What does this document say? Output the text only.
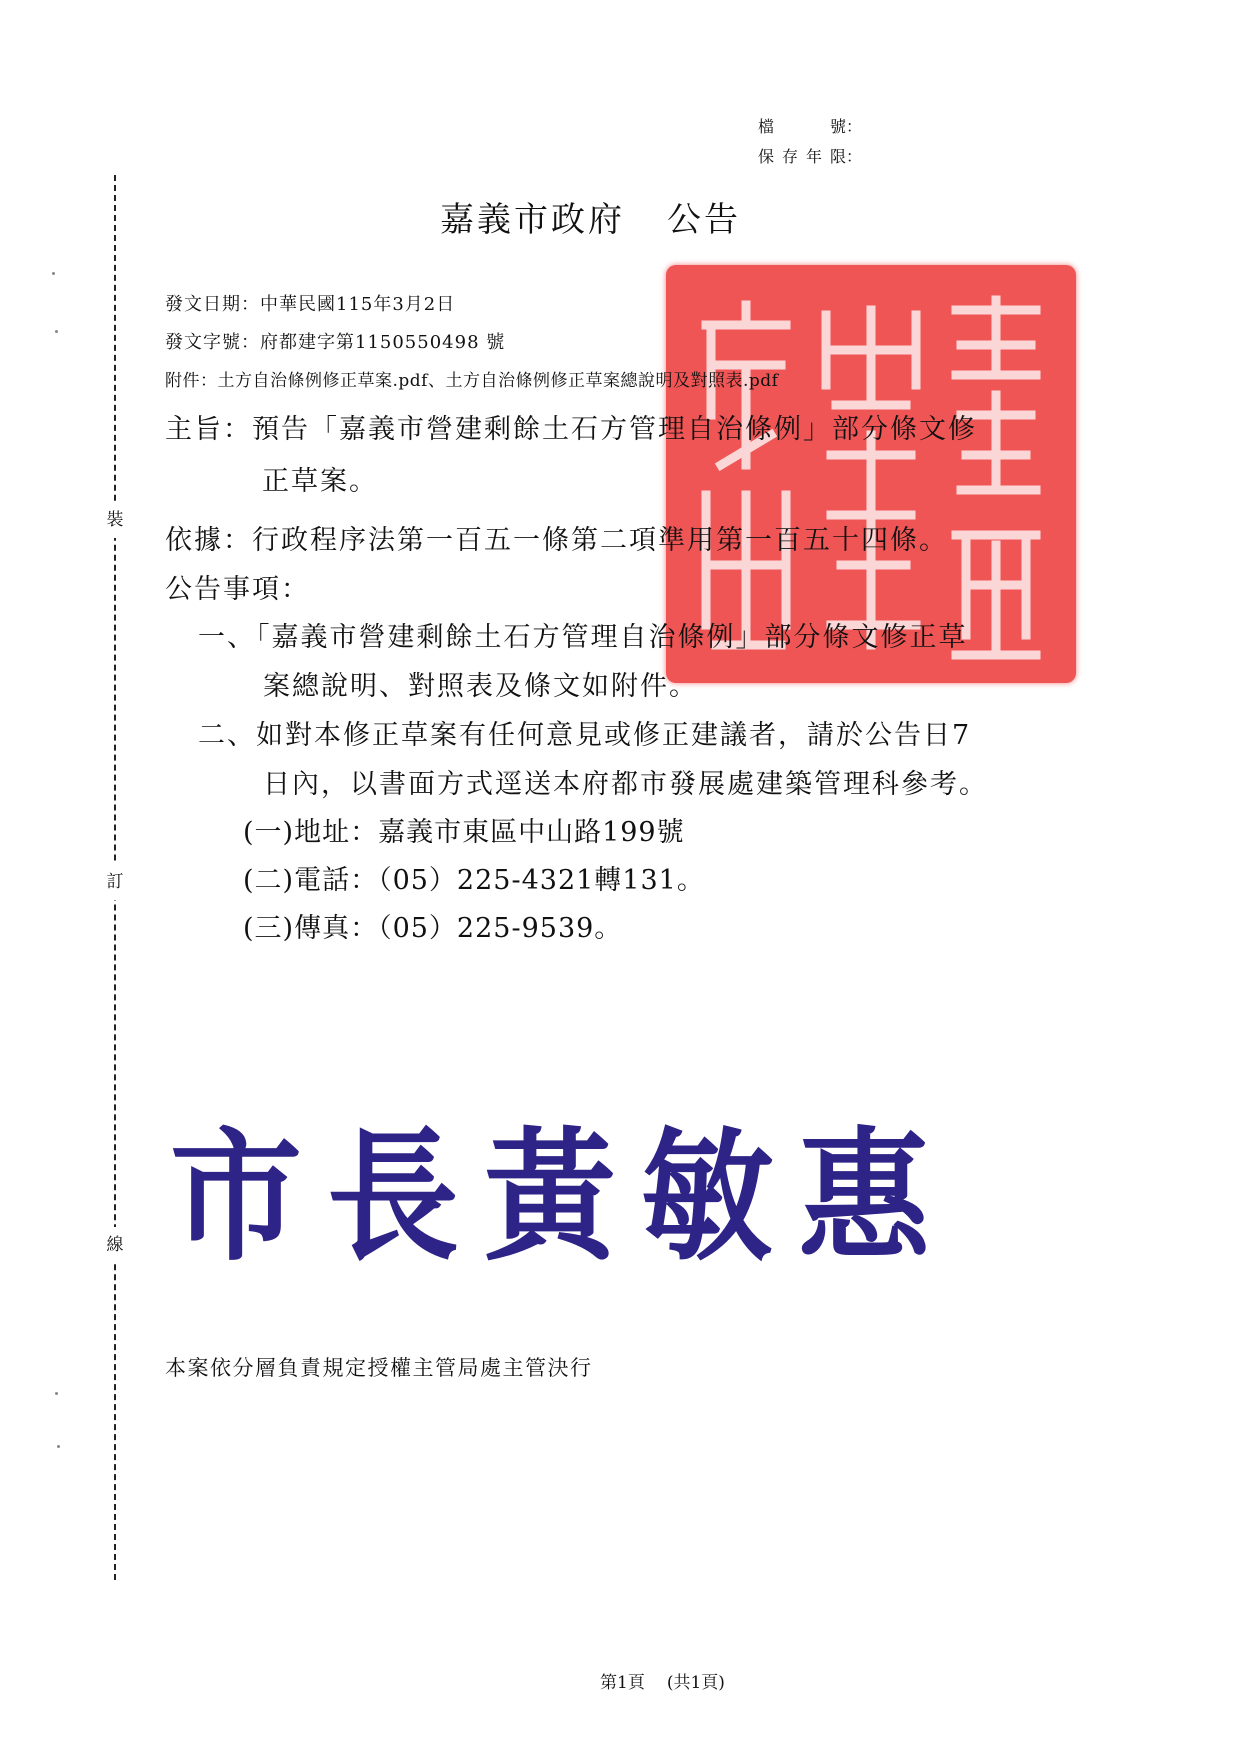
裝
訂
線
檔　號 ：
保存年限 ：
嘉義市政府 公告
發文日期：中華民國115年3月2日
發文字號：府都建字第1150550498 號
附件：土方自治條例修正草案.pdf、土方自治條例修正草案總說明及對照表.pdf
主旨：預告「嘉義市營建剩餘土石方管理自治條例」部分條文修
正草案。
依據：行政程序法第一百五一條第二項準用第一百五十四條。
公告事項：
一、「嘉義市營建剩餘土石方管理自治條例」部分條文修正草
案總說明、對照表及條文如附件。
二、如對本修正草案有任何意見或修正建議者，請於公告日7
日內，以書面方式逕送本府都市發展處建築管理科參考。
(一)地址：嘉義市東區中山路199號
(二)電話：（05）225-4321轉131。
(三)傳真：（05）225-9539。
市 長 黃 敏 惠
本案依分層負責規定授權主管局處主管決行
第1頁 (共1頁)
